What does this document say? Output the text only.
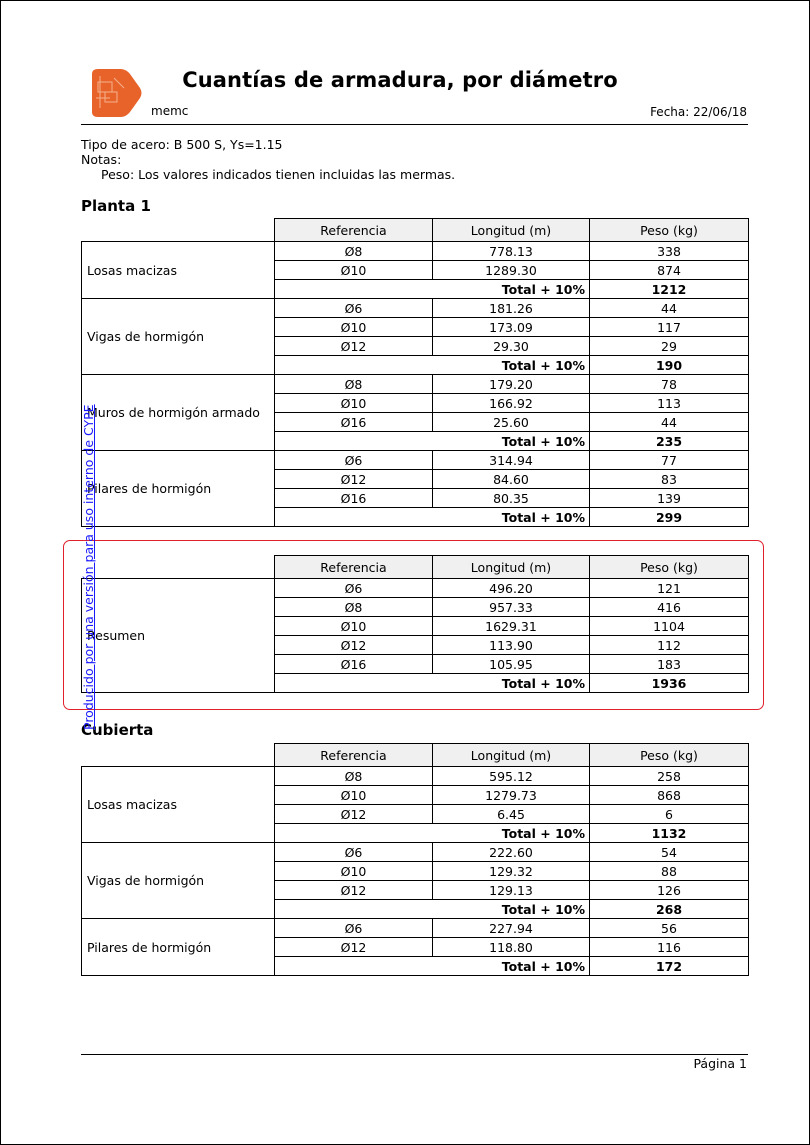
Cuantías de armadura, por diámetro
memc	Fecha: 22/06/18
Tipo de acero: B 500 S, Ys=1.15
Notas:
Peso: Los valores indicados tienen incluidas las mermas.
Planta 1
	Referencia	Longitud (m)	Peso (kg)
Losas macizas	Ø8	778.13	338
	Ø10	1289.30	874
	Total + 10%		1212
Vigas de hormigón	Ø6	181.26	44
	Ø10	173.09	117
	Ø12	29.30	29
	Total + 10%		190
Muros de hormigón armado	Ø8	179.20	78
	Ø10	166.92	113
	Ø16	25.60	44
	Total + 10%		235
Pilares de hormigón	Ø6	314.94	77
	Ø12	84.60	83
	Ø16	80.35	139
	Total + 10%		299
	Referencia	Longitud (m)	Peso (kg)
Resumen	Ø6	496.20	121
	Ø8	957.33	416
	Ø10	1629.31	1104
	Ø12	113.90	112
	Ø16	105.95	183
	Total + 10%		1936
Cubierta
	Referencia	Longitud (m)	Peso (kg)
Losas macizas	Ø8	595.12	258
	Ø10	1279.73	868
	Ø12	6.45	6
	Total + 10%		1132
Vigas de hormigón	Ø6	222.60	54
	Ø10	129.32	88
	Ø12	129.13	126
	Total + 10%		268
Pilares de hormigón	Ø6	227.94	56
	Ø12	118.80	116
	Total + 10%		172
Producido por una versión para uso interno de CYPE
Página 1
